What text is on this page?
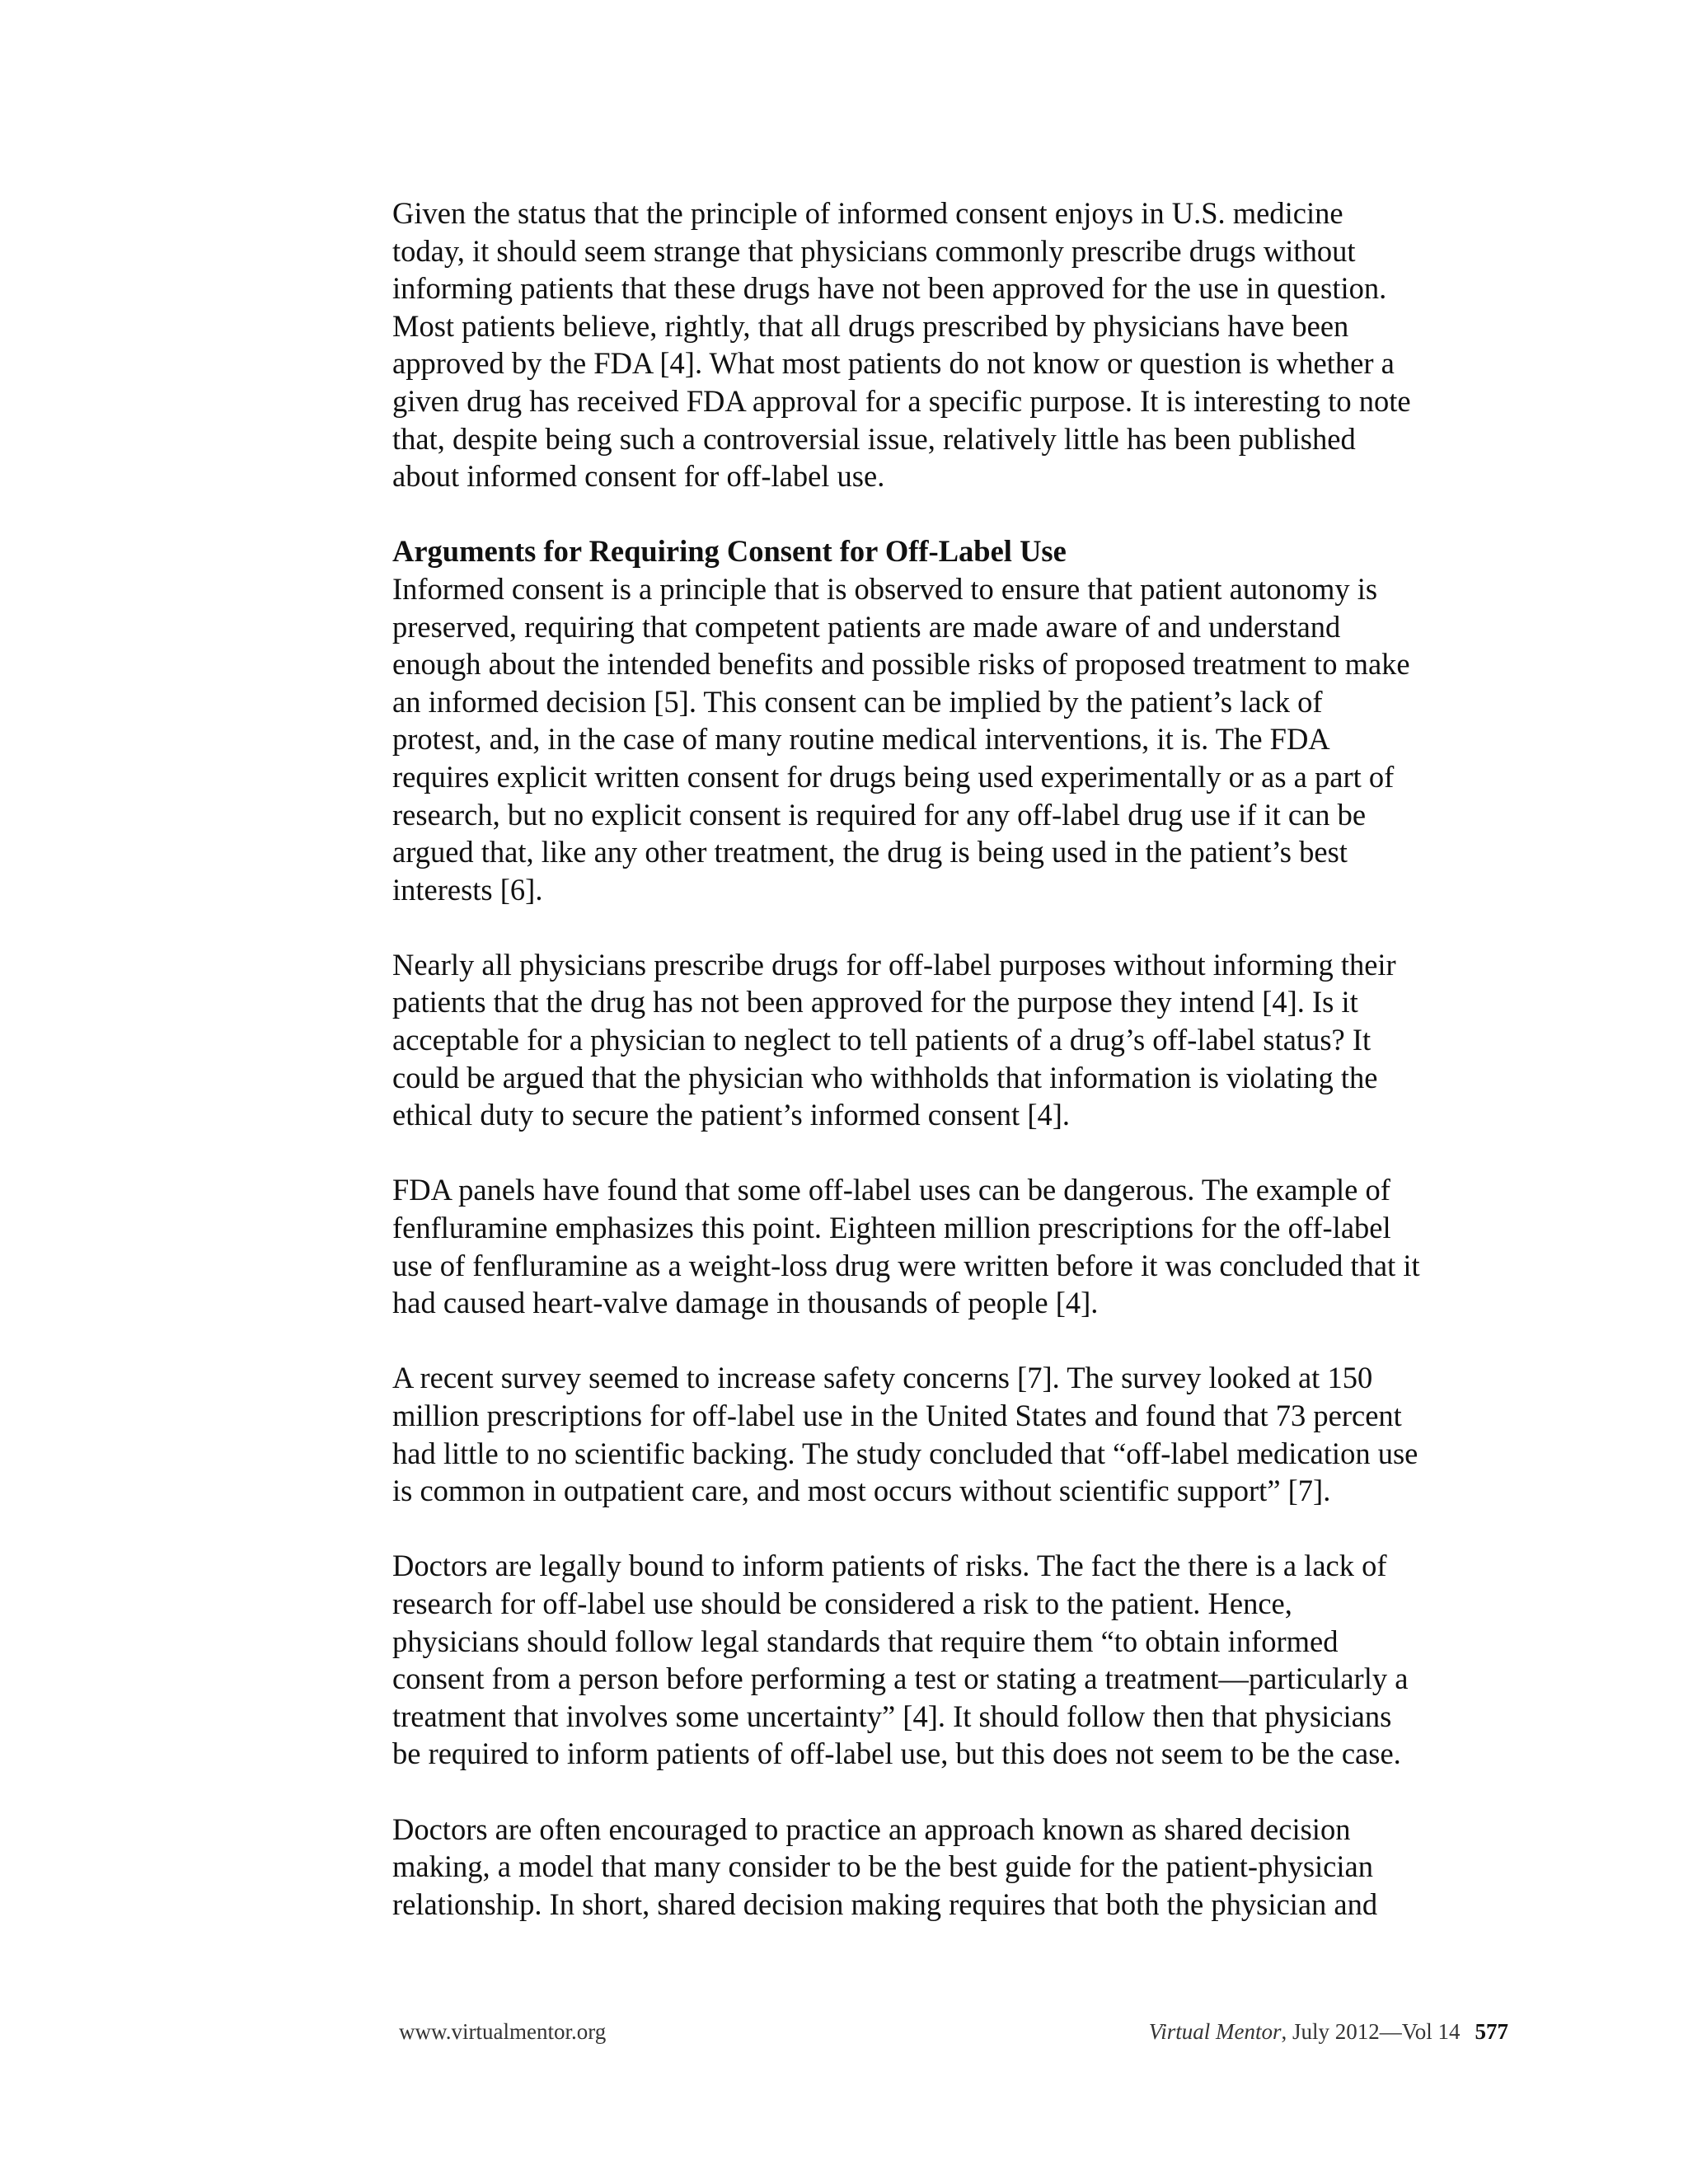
Given the status that the principle of informed consent enjoys in U.S. medicine
today, it should seem strange that physicians commonly prescribe drugs without
informing patients that these drugs have not been approved for the use in question.
Most patients believe, rightly, that all drugs prescribed by physicians have been
approved by the FDA [4]. What most patients do not know or question is whether a
given drug has received FDA approval for a specific purpose. It is interesting to note
that, despite being such a controversial issue, relatively little has been published
about informed consent for off-label use.
Arguments for Requiring Consent for Off-Label Use
Informed consent is a principle that is observed to ensure that patient autonomy is
preserved, requiring that competent patients are made aware of and understand
enough about the intended benefits and possible risks of proposed treatment to make
an informed decision [5]. This consent can be implied by the patient’s lack of
protest, and, in the case of many routine medical interventions, it is. The FDA
requires explicit written consent for drugs being used experimentally or as a part of
research, but no explicit consent is required for any off-label drug use if it can be
argued that, like any other treatment, the drug is being used in the patient’s best
interests [6].
Nearly all physicians prescribe drugs for off-label purposes without informing their
patients that the drug has not been approved for the purpose they intend [4]. Is it
acceptable for a physician to neglect to tell patients of a drug’s off-label status? It
could be argued that the physician who withholds that information is violating the
ethical duty to secure the patient’s informed consent [4].
FDA panels have found that some off-label uses can be dangerous. The example of
fenfluramine emphasizes this point. Eighteen million prescriptions for the off-label
use of fenfluramine as a weight-loss drug were written before it was concluded that it
had caused heart-valve damage in thousands of people [4].
A recent survey seemed to increase safety concerns [7]. The survey looked at 150
million prescriptions for off-label use in the United States and found that 73 percent
had little to no scientific backing. The study concluded that “off-label medication use
is common in outpatient care, and most occurs without scientific support” [7].
Doctors are legally bound to inform patients of risks. The fact the there is a lack of
research for off-label use should be considered a risk to the patient. Hence,
physicians should follow legal standards that require them “to obtain informed
consent from a person before performing a test or stating a treatment—particularly a
treatment that involves some uncertainty” [4]. It should follow then that physicians
be required to inform patients of off-label use, but this does not seem to be the case.
Doctors are often encouraged to practice an approach known as shared decision
making, a model that many consider to be the best guide for the patient-physician
relationship. In short, shared decision making requires that both the physician and
www.virtualmentor.org	Virtual Mentor, July 2012—Vol 14 577
